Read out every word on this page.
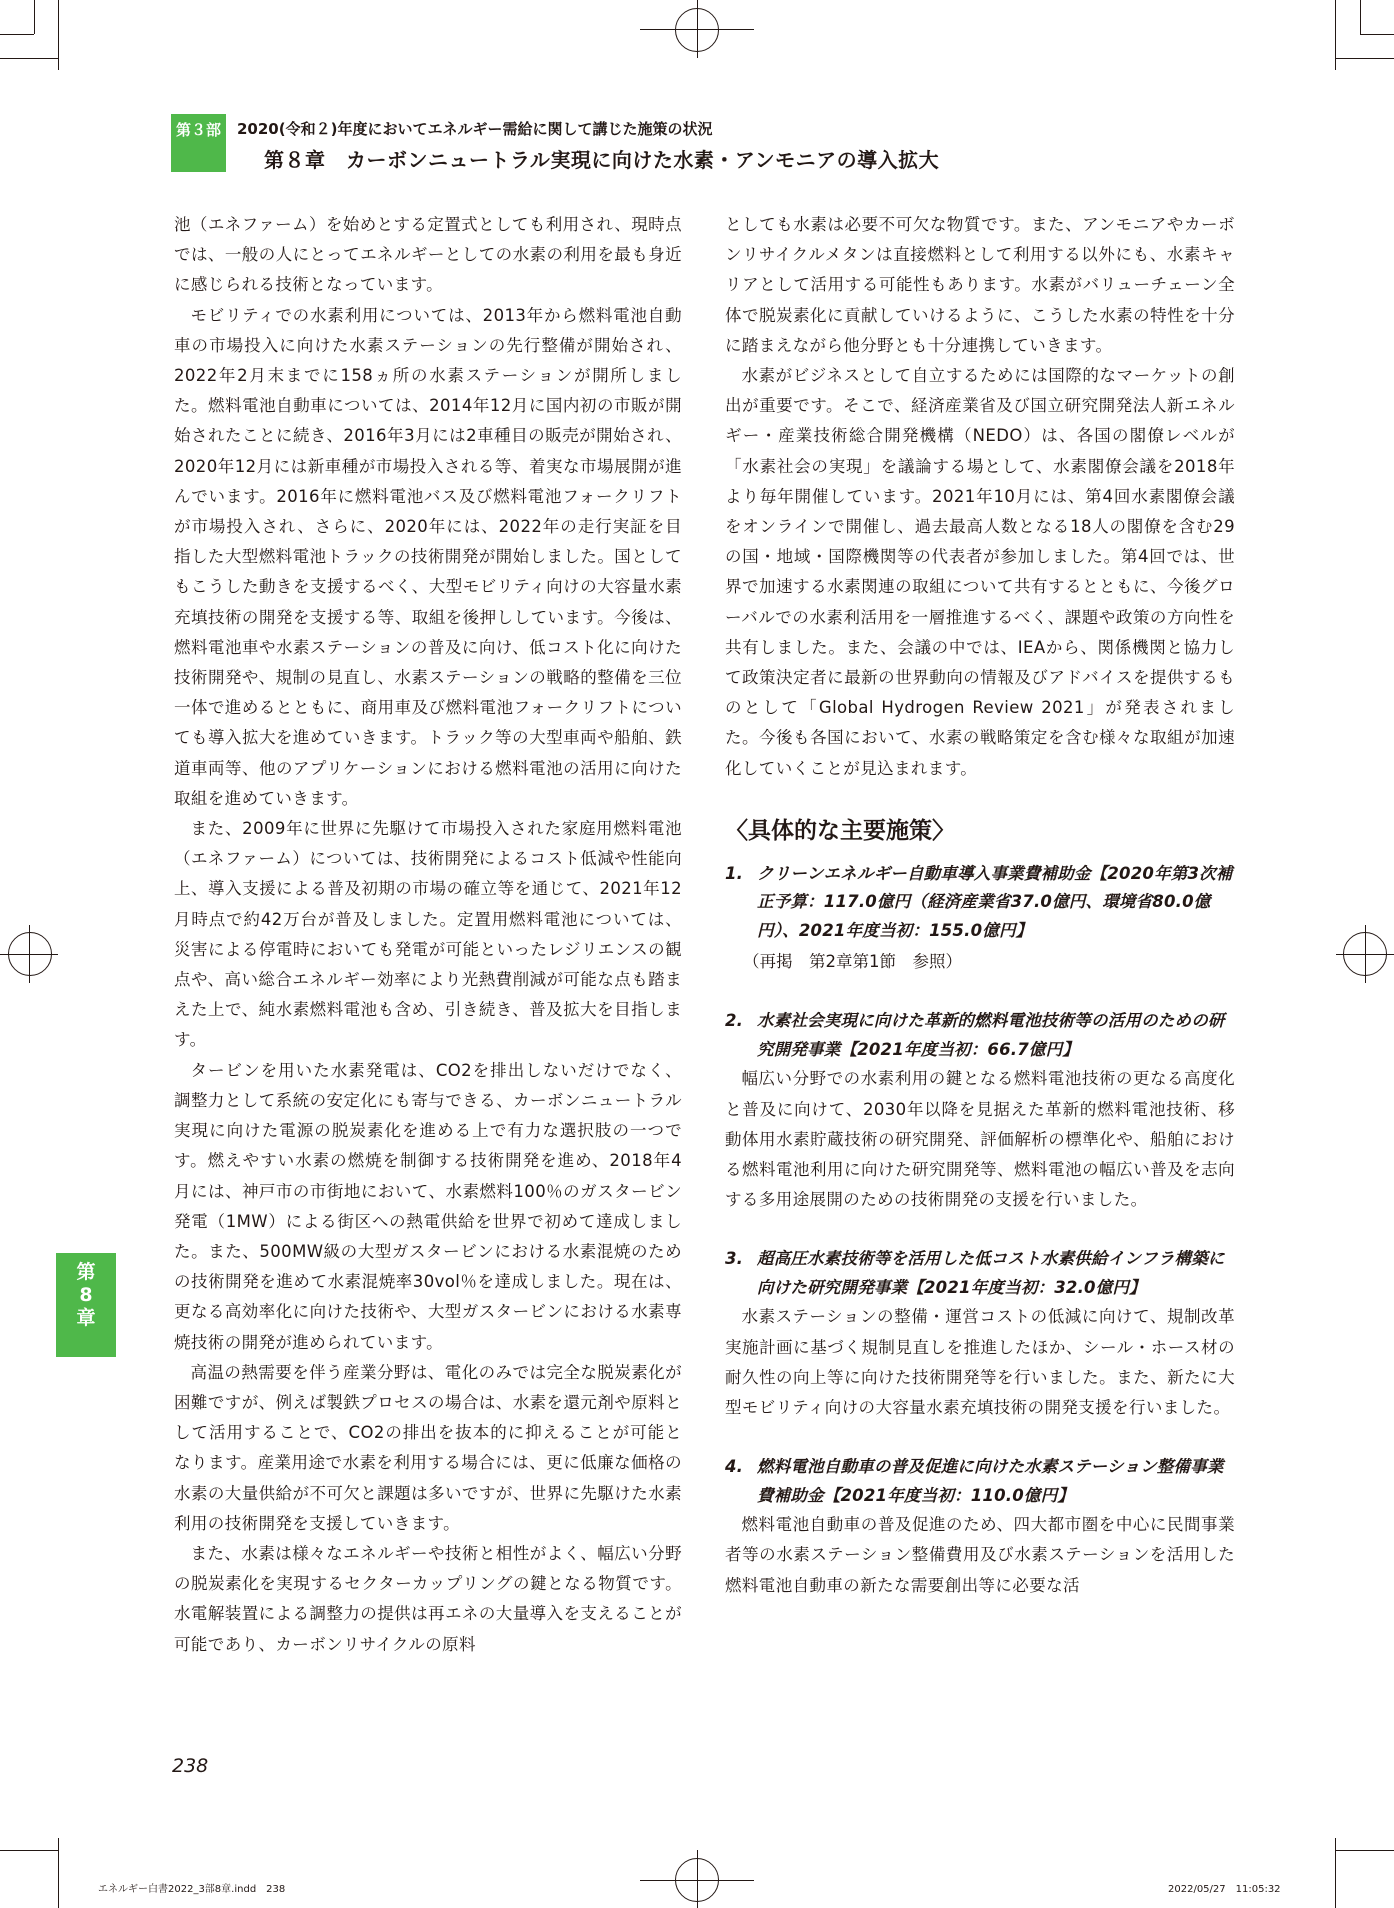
第３部	2020(令和２)年度においてエネルギー需給に関して講じた施策の状況
第８章　カーボンニュートラル実現に向けた水素・アンモニアの導入拡大

池（エネファーム）を始めとする定置式としても利用され、現時点では、一般の人にとってエネルギーとしての水素の利用を最も身近に感じられる技術となっています。

モビリティでの水素利用については、2013年から燃料電池自動車の市場投入に向けた水素ステーションの先行整備が開始され、2022年2月末までに158ヵ所の水素ステーションが開所しました。燃料電池自動車については、2014年12月に国内初の市販が開始されたことに続き、2016年3月には2車種目の販売が開始され、2020年12月には新車種が市場投入される等、着実な市場展開が進んでいます。2016年に燃料電池バス及び燃料電池フォークリフトが市場投入され、さらに、2020年には、2022年の走行実証を目指した大型燃料電池トラックの技術開発が開始しました。国としてもこうした動きを支援するべく、大型モビリティ向けの大容量水素充填技術の開発を支援する等、取組を後押ししています。今後は、燃料電池車や水素ステーションの普及に向け、低コスト化に向けた技術開発や、規制の見直し、水素ステーションの戦略的整備を三位一体で進めるとともに、商用車及び燃料電池フォークリフトについても導入拡大を進めていきます。トラック等の大型車両や船舶、鉄道車両等、他のアプリケーションにおける燃料電池の活用に向けた取組を進めていきます。

また、2009年に世界に先駆けて市場投入された家庭用燃料電池（エネファーム）については、技術開発によるコスト低減や性能向上、導入支援による普及初期の市場の確立等を通じて、2021年12月時点で約42万台が普及しました。定置用燃料電池については、災害による停電時においても発電が可能といったレジリエンスの観点や、高い総合エネルギー効率により光熱費削減が可能な点も踏まえた上で、純水素燃料電池も含め、引き続き、普及拡大を目指します。

タービンを用いた水素発電は、CO2を排出しないだけでなく、調整力として系統の安定化にも寄与できる、カーボンニュートラル実現に向けた電源の脱炭素化を進める上で有力な選択肢の一つです。燃えやすい水素の燃焼を制御する技術開発を進め、2018年4月には、神戸市の市街地において、水素燃料100％のガスタービン発電（1MW）による街区への熱電供給を世界で初めて達成しました。また、500MW級の大型ガスタービンにおける水素混焼のための技術開発を進めて水素混焼率30vol％を達成しました。現在は、更なる高効率化に向けた技術や、大型ガスタービンにおける水素専焼技術の開発が進められています。

高温の熱需要を伴う産業分野は、電化のみでは完全な脱炭素化が困難ですが、例えば製鉄プロセスの場合は、水素を還元剤や原料として活用することで、CO2の排出を抜本的に抑えることが可能となります。産業用途で水素を利用する場合には、更に低廉な価格の水素の大量供給が不可欠と課題は多いですが、世界に先駆けた水素利用の技術開発を支援していきます。

また、水素は様々なエネルギーや技術と相性がよく、幅広い分野の脱炭素化を実現するセクターカップリングの鍵となる物質です。水電解装置による調整力の提供は再エネの大量導入を支えることが可能であり、カーボンリサイクルの原料

としても水素は必要不可欠な物質です。また、アンモニアやカーボンリサイクルメタンは直接燃料として利用する以外にも、水素キャリアとして活用する可能性もあります。水素がバリューチェーン全体で脱炭素化に貢献していけるように、こうした水素の特性を十分に踏まえながら他分野とも十分連携していきます。

水素がビジネスとして自立するためには国際的なマーケットの創出が重要です。そこで、経済産業省及び国立研究開発法人新エネルギー・産業技術総合開発機構（NEDO）は、各国の閣僚レベルが「水素社会の実現」を議論する場として、水素閣僚会議を2018年より毎年開催しています。2021年10月には、第4回水素閣僚会議をオンラインで開催し、過去最高人数となる18人の閣僚を含む29の国・地域・国際機関等の代表者が参加しました。第4回では、世界で加速する水素関連の取組について共有するとともに、今後グローバルでの水素利活用を一層推進するべく、課題や政策の方向性を共有しました。また、会議の中では、IEAから、関係機関と協力して政策決定者に最新の世界動向の情報及びアドバイスを提供するものとして「Global Hydrogen Review 2021」が発表されました。今後も各国において、水素の戦略策定を含む様々な取組が加速化していくことが見込まれます。

〈具体的な主要施策〉
1. クリーンエネルギー自動車導入事業費補助金【2020年第3次補正予算：117.0億円（経済産業省37.0億円、環境省80.0億円）、2021年度当初：155.0億円】
（再掲　第2章第1節　参照）
2. 水素社会実現に向けた革新的燃料電池技術等の活用のための研究開発事業【2021年度当初：66.7億円】

幅広い分野での水素利用の鍵となる燃料電池技術の更なる高度化と普及に向けて、2030年以降を見据えた革新的燃料電池技術、移動体用水素貯蔵技術の研究開発、評価解析の標準化や、船舶における燃料電池利用に向けた研究開発等、燃料電池の幅広い普及を志向する多用途展開のための技術開発の支援を行いました。

3. 超高圧水素技術等を活用した低コスト水素供給インフラ構築に向けた研究開発事業【2021年度当初：32.0億円】

水素ステーションの整備・運営コストの低減に向けて、規制改革実施計画に基づく規制見直しを推進したほか、シール・ホース材の耐久性の向上等に向けた技術開発等を行いました。また、新たに大型モビリティ向けの大容量水素充填技術の開発支援を行いました。

4. 燃料電池自動車の普及促進に向けた水素ステーション整備事業費補助金【2021年度当初：110.0億円】

燃料電池自動車の普及促進のため、四大都市圏を中心に民間事業者等の水素ステーション整備費用及び水素ステーションを活用した燃料電池自動車の新たな需要創出等に必要な活

第
8
章
238
エネルギー白書2022_3部8章.indd　238	2022/05/27　11:05:32
